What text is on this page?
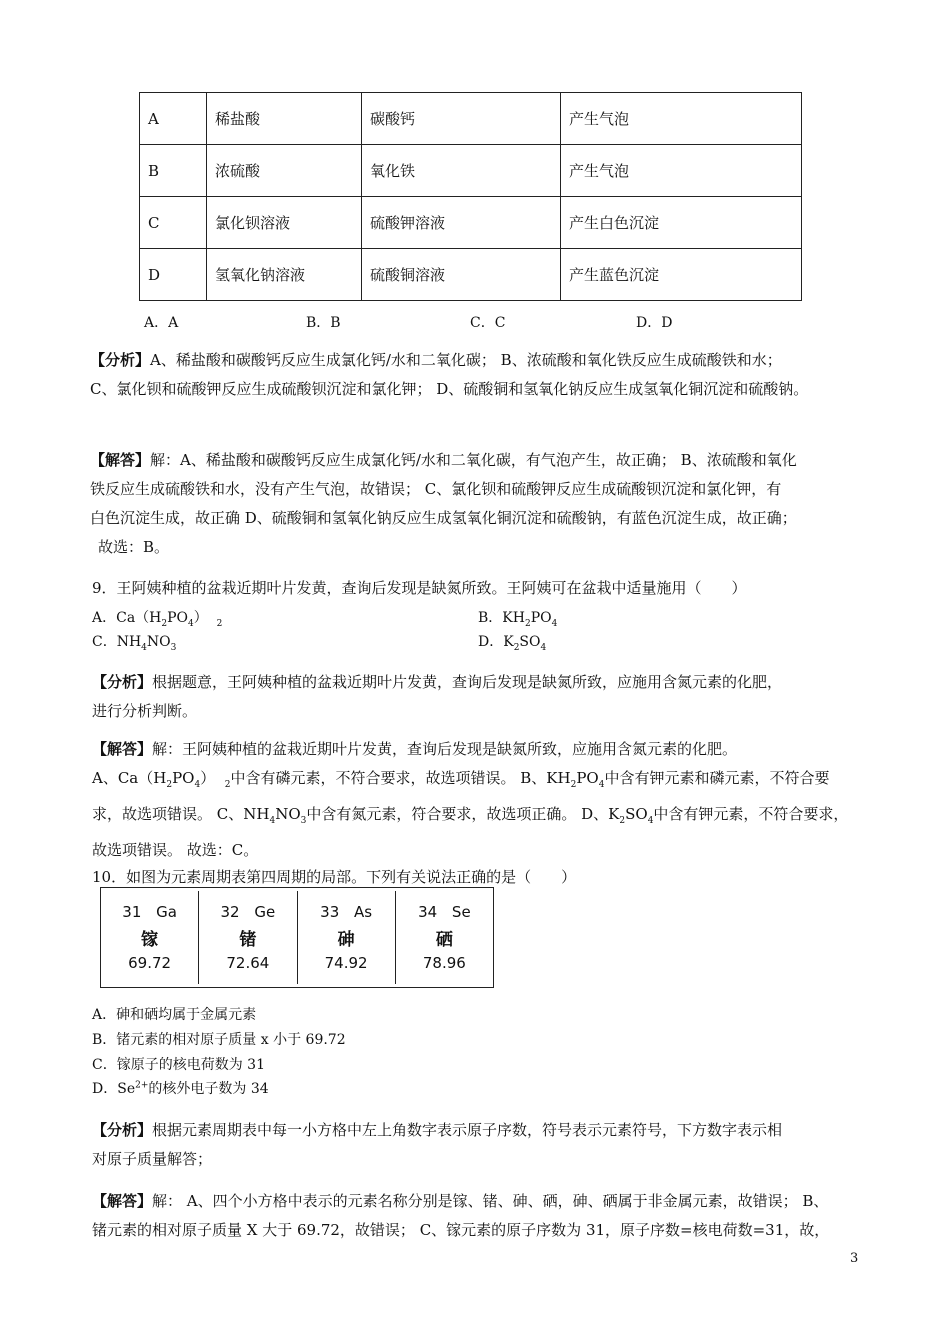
A	稀盐酸	碳酸钙	产生气泡
B	浓硫酸	氧化铁	产生气泡
C	氯化钡溶液	硫酸钾溶液	产生白色沉淀
D	氢氧化钠溶液	硫酸铜溶液	产生蓝色沉淀
A．A	B．B	C．C	D．D
【分析】A、稀盐酸和碳酸钙反应生成氯化钙/水和二氧化碳； B、浓硫酸和氧化铁反应生成硫酸铁和水；
C、氯化钡和硫酸钾反应生成硫酸钡沉淀和氯化钾； D、硫酸铜和氢氧化钠反应生成氢氧化铜沉淀和硫酸钠。
【解答】解：A、稀盐酸和碳酸钙反应生成氯化钙/水和二氧化碳，有气泡产生，故正确； B、浓硫酸和氧化
铁反应生成硫酸铁和水，没有产生气泡，故错误； C、氯化钡和硫酸钾反应生成硫酸钡沉淀和氯化钾，有
白色沉淀生成，故正确 D、硫酸铜和氢氧化钠反应生成氢氧化铜沉淀和硫酸钠，有蓝色沉淀生成，故正确；
故选：B。
9．王阿姨种植的盆栽近期叶片发黄，查询后发现是缺氮所致。王阿姨可在盆栽中适量施用（　　）
A．$Ca(H_2PO_4)$ $_2$	B．$KH_2PO_4$
C．$NH_4NO_3$	D．$K_2SO_4$
【分析】根据题意，王阿姨种植的盆栽近期叶片发黄，查询后发现是缺氮所致，应施用含氮元素的化肥，
进行分析判断。
【解答】解：王阿姨种植的盆栽近期叶片发黄，查询后发现是缺氮所致，应施用含氮元素的化肥。
A、$Ca(H_2PO_4)$ $_2$中含有磷元素，不符合要求，故选项错误。 B、$KH_2PO_4$中含有钾元素和磷元素，不符合要
求，故选项错误。 C、$NH_4NO_3$中含有氮元素，符合要求，故选项正确。 D、$K_2SO_4$中含有钾元素，不符合要求，
故选项错误。 故选：C。
10．如图为元素周期表第四周期的局部。下列有关说法正确的是（　　）
31 Ga
镓
69.72
32 Ge
锗
72.64
33 As
砷
74.92
34 Se
硒
78.96
A．砷和硒均属于金属元素
B．锗元素的相对原子质量 x 小于 69.72
C．镓原子的核电荷数为 31
D．$Se^{2+}$的核外电子数为 34
【分析】根据元素周期表中每一小方格中左上角数字表示原子序数，符号表示元素符号，下方数字表示相
对原子质量解答；
【解答】解： A、四个小方格中表示的元素名称分别是镓、锗、砷、硒，砷、硒属于非金属元素，故错误； B、
锗元素的相对原子质量 X 大于 69.72，故错误； C、镓元素的原子序数为 31，原子序数=核电荷数=31，故，
3
